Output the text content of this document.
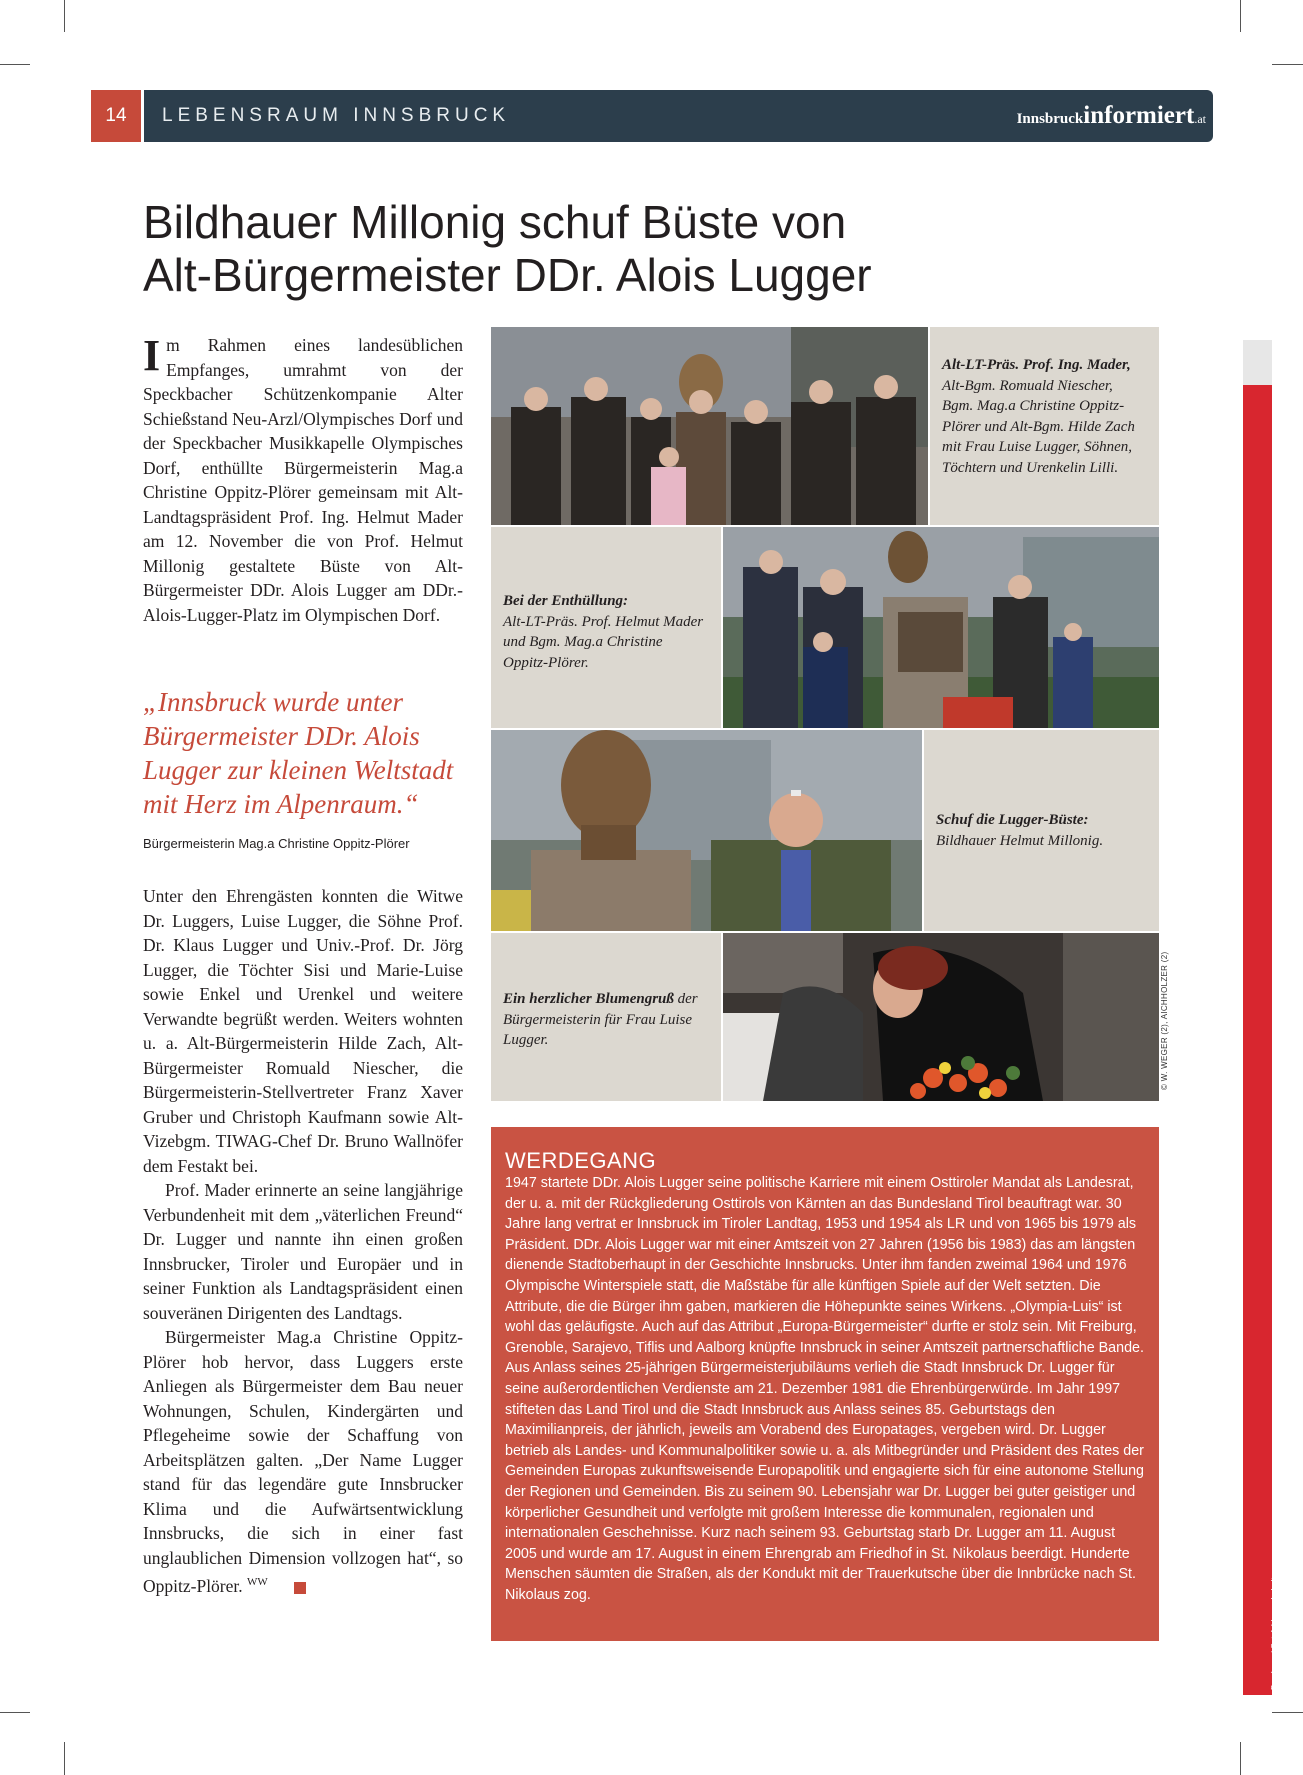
14	LEBENSRAUM INNSBRUCK	Innsbruckinformiert.at
Bildhauer Millonig schuf Büste von
Alt-Bürgermeister DDr. Alois Lugger

Im Rahmen eines landesüblichen Empfanges, umrahmt von der Speckbacher Schützenkompanie Alter Schießstand Neu-Arzl/Olympisches Dorf und der Speckbacher Musikkapelle Olympisches Dorf, enthüllte Bürgermeisterin Mag.a Christine Oppitz-Plörer gemeinsam mit Alt-Landtagspräsident Prof. Ing. Helmut Mader am 12. November die von Prof. Helmut Millonig gestaltete Büste von Alt-Bürgermeister DDr. Alois Lugger am DDr.-Alois-Lugger-Platz im Olympischen Dorf.

„Innsbruck wurde unter Bürgermeister DDr. Alois Lugger zur kleinen Weltstadt mit Herz im Alpenraum.“
Bürgermeisterin Mag.a Christine Oppitz-Plörer

Unter den Ehrengästen konnten die Witwe Dr. Luggers, Luise Lugger, die Söhne Prof. Dr. Klaus Lugger und Univ.-Prof. Dr. Jörg Lugger, die Töchter Sisi und Marie-Luise sowie Enkel und Urenkel und weitere Verwandte begrüßt werden. Weiters wohnten u. a. Alt-Bürgermeisterin Hilde Zach, Alt-Bürgermeister Romuald Niescher, die Bürgermeisterin-Stellvertreter Franz Xaver Gruber und Christoph Kaufmann sowie Alt-Vizebgm. TIWAG-Chef Dr. Bruno Wallnöfer dem Festakt bei.

Prof. Mader erinnerte an seine langjährige Verbundenheit mit dem „väterlichen Freund“ Dr. Lugger und nannte ihn einen großen Innsbrucker, Tiroler und Europäer und in seiner Funktion als Landtagspräsident einen souveränen Dirigenten des Landtags.

Bürgermeister Mag.a Christine Oppitz-Plörer hob hervor, dass Luggers erste Anliegen als Bürgermeister dem Bau neuer Wohnungen, Schulen, Kindergärten und Pflegeheime sowie der Schaffung von Arbeitsplätzen galten. „Der Name Lugger stand für das legendäre gute Innsbrucker Klima und die Aufwärtsentwicklung Innsbrucks, die sich in einer fast unglaublichen Dimension vollzogen hat“, so Oppitz-Plörer. $^{WW}$

Alt-LT-Präs. Prof. Ing. Mader,
Alt-Bgm. Romuald Niescher, Bgm. Mag.a Christine Oppitz-Plörer und Alt-Bgm. Hilde Zach mit Frau Luise Lugger, Söhnen, Töchtern und Urenkelin Lilli.
Bei der Enthüllung:
Alt-LT-Präs. Prof. Helmut Mader und Bgm. Mag.a Christine Oppitz-Plörer.
Schuf die Lugger-Büste:
Bildhauer Helmut Millonig.
Ein herzlicher Blumengruß der Bürgermeisterin für Frau Luise Lugger.	© W. WEGER (2), AICHHOLZER (2)
WERDEGANG

1947 startete DDr. Alois Lugger seine politische Karriere mit einem Osttiroler Mandat als Landesrat, der u. a. mit der Rückgliederung Osttirols von Kärnten an das Bundesland Tirol beauftragt war. 30 Jahre lang vertrat er Innsbruck im Tiroler Landtag, 1953 und 1954 als LR und von 1965 bis 1979 als Präsident. DDr. Alois Lugger war mit einer Amtszeit von 27 Jahren (1956 bis 1983) das am längsten dienende Stadtoberhaupt in der Geschichte Innsbrucks. Unter ihm fanden zweimal 1964 und 1976 Olympische Winterspiele statt, die Maßstäbe für alle künftigen Spiele auf der Welt setzten. Die Attribute, die die Bürger ihm gaben, markieren die Höhepunkte seines Wirkens. „Olympia-Luis“ ist wohl das geläufigste. Auch auf das Attribut „Europa-Bürgermeister“ durfte er stolz sein. Mit Freiburg, Grenoble, Sarajevo, Tiflis und Aalborg knüpfte Innsbruck in seiner Amtszeit partnerschaftliche Bande. Aus Anlass seines 25-jährigen Bürgermeisterjubiläums verlieh die Stadt Innsbruck Dr. Lugger für seine außerordentlichen Verdienste am 21. Dezember 1981 die Ehrenbürgerwürde. Im Jahr 1997 stifteten das Land Tirol und die Stadt Innsbruck aus Anlass seines 85. Geburtstags den Maximilianpreis, der jährlich, jeweils am Vorabend des Europatages, vergeben wird. Dr. Lugger betrieb als Landes- und Kommunalpolitiker sowie u. a. als Mitbegründer und Präsident des Rates der Gemeinden Europas zukunftsweisende Europapolitik und engagierte sich für eine autonome Stellung der Regionen und Gemeinden. Bis zu seinem 90. Lebensjahr war Dr. Lugger bei guter geistiger und körperlicher Gesundheit und verfolgte mit großem Interesse die kommunalen, regionalen und internationalen Geschehnisse. Kurz nach seinem 93. Geburtstag starb Dr. Lugger am 11. August 2005 und wurde am 17. August in einem Ehrengrab am Friedhof in St. Nikolaus beerdigt. Hunderte Menschen säumten die Straßen, als der Kondukt mit der Trauerkutsche über die Innbrücke nach St. Nikolaus zog.	Druck- und Satzfehler vorbehalten
